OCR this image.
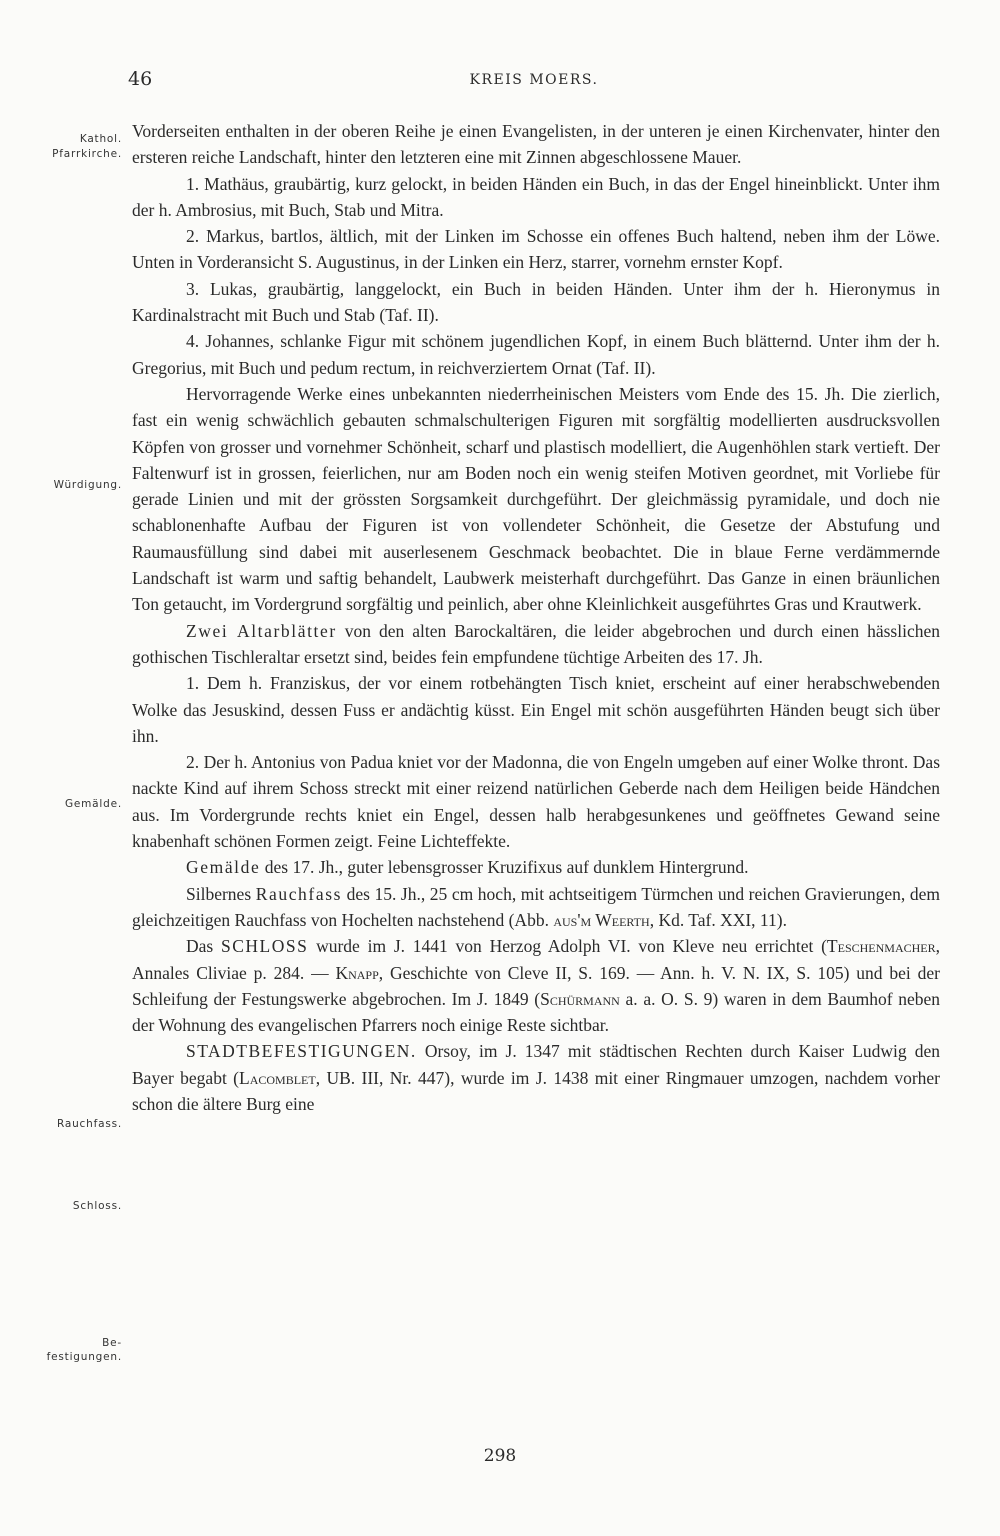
46	KREIS MOERS.
Kathol.
Pfarrkirche.
Würdigung.
Gemälde.
Rauchfass.
Schloss.
Be-
festigungen.

Vorderseiten enthalten in der oberen Reihe je einen Evangelisten, in der unteren je einen Kirchenvater, hinter den ersteren reiche Landschaft, hinter den letzteren eine mit Zinnen abgeschlossene Mauer.

1. Mathäus, graubärtig, kurz gelockt, in beiden Händen ein Buch, in das der Engel hineinblickt. Unter ihm der h. Ambrosius, mit Buch, Stab und Mitra.

2. Markus, bartlos, ältlich, mit der Linken im Schosse ein offenes Buch haltend, neben ihm der Löwe. Unten in Vorderansicht S. Augustinus, in der Linken ein Herz, starrer, vornehm ernster Kopf.

3. Lukas, graubärtig, langgelockt, ein Buch in beiden Händen. Unter ihm der h. Hieronymus in Kardinalstracht mit Buch und Stab (Taf. II).

4. Johannes, schlanke Figur mit schönem jugendlichen Kopf, in einem Buch blätternd. Unter ihm der h. Gregorius, mit Buch und pedum rectum, in reichverziertem Ornat (Taf. II).

Hervorragende Werke eines unbekannten niederrheinischen Meisters vom Ende des 15. Jh. Die zierlich, fast ein wenig schwächlich gebauten schmalschulterigen Figuren mit sorgfältig modellierten ausdrucksvollen Köpfen von grosser und vornehmer Schönheit, scharf und plastisch modelliert, die Augenhöhlen stark vertieft. Der Faltenwurf ist in grossen, feierlichen, nur am Boden noch ein wenig steifen Motiven geordnet, mit Vorliebe für gerade Linien und mit der grössten Sorgsamkeit durchgeführt. Der gleichmässig pyramidale, und doch nie schablonenhafte Aufbau der Figuren ist von vollendeter Schönheit, die Gesetze der Abstufung und Raumausfüllung sind dabei mit auserlesenem Geschmack beobachtet. Die in blaue Ferne verdämmernde Landschaft ist warm und saftig behandelt, Laubwerk meisterhaft durchgeführt. Das Ganze in einen bräunlichen Ton getaucht, im Vordergrund sorgfältig und peinlich, aber ohne Kleinlichkeit ausgeführtes Gras und Krautwerk.

Zwei Altarblätter von den alten Barockaltären, die leider abgebrochen und durch einen hässlichen gothischen Tischleraltar ersetzt sind, beides fein empfundene tüchtige Arbeiten des 17. Jh.

1. Dem h. Franziskus, der vor einem rotbehängten Tisch kniet, erscheint auf einer herabschwebenden Wolke das Jesuskind, dessen Fuss er andächtig küsst. Ein Engel mit schön ausgeführten Händen beugt sich über ihn.

2. Der h. Antonius von Padua kniet vor der Madonna, die von Engeln umgeben auf einer Wolke thront. Das nackte Kind auf ihrem Schoss streckt mit einer reizend natürlichen Geberde nach dem Heiligen beide Händchen aus. Im Vordergrunde rechts kniet ein Engel, dessen halb herabgesunkenes und geöffnetes Gewand seine knabenhaft schönen Formen zeigt. Feine Lichteffekte.

Gemälde des 17. Jh., guter lebensgrosser Kruzifixus auf dunklem Hintergrund.

Silbernes Rauchfass des 15. Jh., 25 cm hoch, mit achtseitigem Türmchen und reichen Gravierungen, dem gleichzeitigen Rauchfass von Hochelten nachstehend (Abb. aus'm Weerth, Kd. Taf. XXI, 11).

Das SCHLOSS wurde im J. 1441 von Herzog Adolph VI. von Kleve neu errichtet (Teschenmacher, Annales Cliviae p. 284. — Knapp, Geschichte von Cleve II, S. 169. — Ann. h. V. N. IX, S. 105) und bei der Schleifung der Festungswerke abgebrochen. Im J. 1849 (Schürmann a. a. O. S. 9) waren in dem Baumhof neben der Wohnung des evangelischen Pfarrers noch einige Reste sichtbar.

STADTBEFESTIGUNGEN. Orsoy, im J. 1347 mit städtischen Rechten durch Kaiser Ludwig den Bayer begabt (Lacomblet, UB. III, Nr. 447), wurde im J. 1438 mit einer Ringmauer umzogen, nachdem vorher schon die ältere Burg eine

298
